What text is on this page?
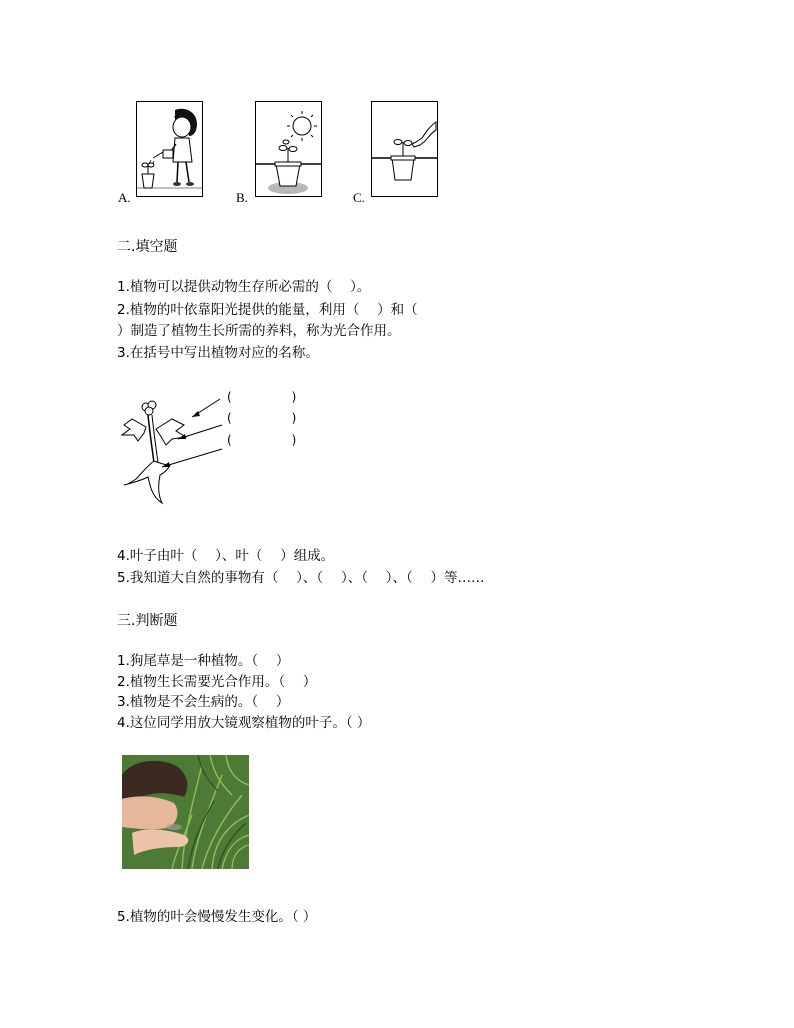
A.	B.	C.
二.填空题
1.植物可以提供动物生存所必需的（　 ）。
2.植物的叶依靠阳光提供的能量，利用（　 ）和（
）制造了植物生长所需的养料，称为光合作用。
3.在括号中写出植物对应的名称。
(　　　　　)
(　　　　　)
(　　　　　)
4.叶子由叶（　 ）、叶（　 ）组成。
5.我知道大自然的事物有（　 ）、（　 ）、（　 ）、（　 ）等……
三.判断题
1.狗尾草是一种植物。（　 ）
2.植物生长需要光合作用。（　 ）
3.植物是不会生病的。（　 ）
4.这位同学用放大镜观察植物的叶子。（ ）
5.植物的叶会慢慢发生变化。（ ）
